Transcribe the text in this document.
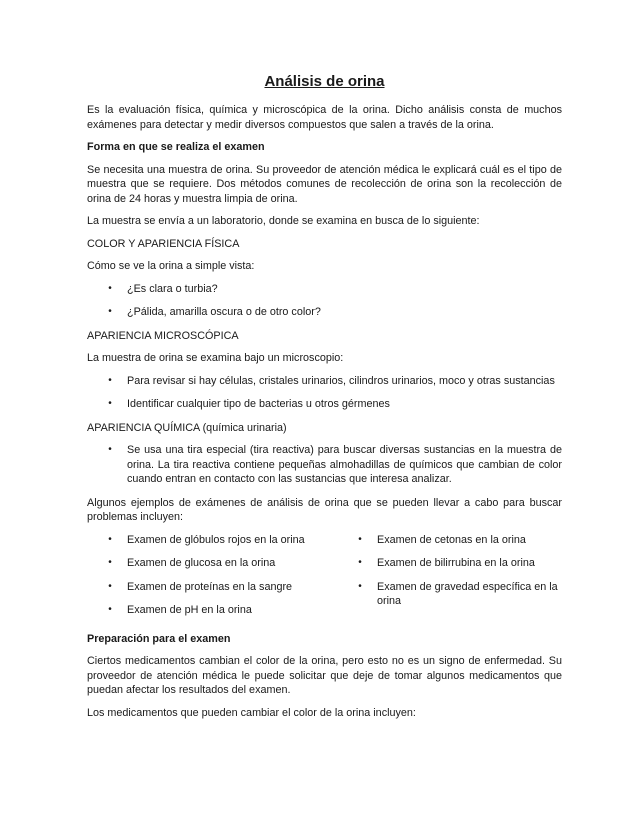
Análisis de orina

Es la evaluación física, química y microscópica de la orina. Dicho análisis consta de muchos exámenes para detectar y medir diversos compuestos que salen a través de la orina.

Forma en que se realiza el examen

Se necesita una muestra de orina. Su proveedor de atención médica le explicará cuál es el tipo de muestra que se requiere. Dos métodos comunes de recolección de orina son la recolección de orina de 24 horas y muestra limpia de orina.

La muestra se envía a un laboratorio, donde se examina en busca de lo siguiente:

COLOR Y APARIENCIA FÍSICA

Cómo se ve la orina a simple vista:

•	¿Es clara o turbia?
•	¿Pálida, amarilla oscura o de otro color?

APARIENCIA MICROSCÓPICA

La muestra de orina se examina bajo un microscopio:

•	Para revisar si hay células, cristales urinarios, cilindros urinarios, moco y otras sustancias
•	Identificar cualquier tipo de bacterias u otros gérmenes

APARIENCIA QUÍMICA (química urinaria)

•	Se usa una tira especial (tira reactiva) para buscar diversas sustancias en la muestra de orina. La tira reactiva contiene pequeñas almohadillas de químicos que cambian de color cuando entran en contacto con las sustancias que interesa analizar.

Algunos ejemplos de exámenes de análisis de orina que se pueden llevar a cabo para buscar problemas incluyen:

•	Examen de glóbulos rojos en la orina
•	Examen de glucosa en la orina
•	Examen de proteínas en la sangre
•	Examen de pH en la orina
•	Examen de cetonas en la orina
•	Examen de bilirrubina en la orina
•	Examen de gravedad específica en la orina

Preparación para el examen

Ciertos medicamentos cambian el color de la orina, pero esto no es un signo de enfermedad. Su proveedor de atención médica le puede solicitar que deje de tomar algunos medicamentos que puedan afectar los resultados del examen.

Los medicamentos que pueden cambiar el color de la orina incluyen:
